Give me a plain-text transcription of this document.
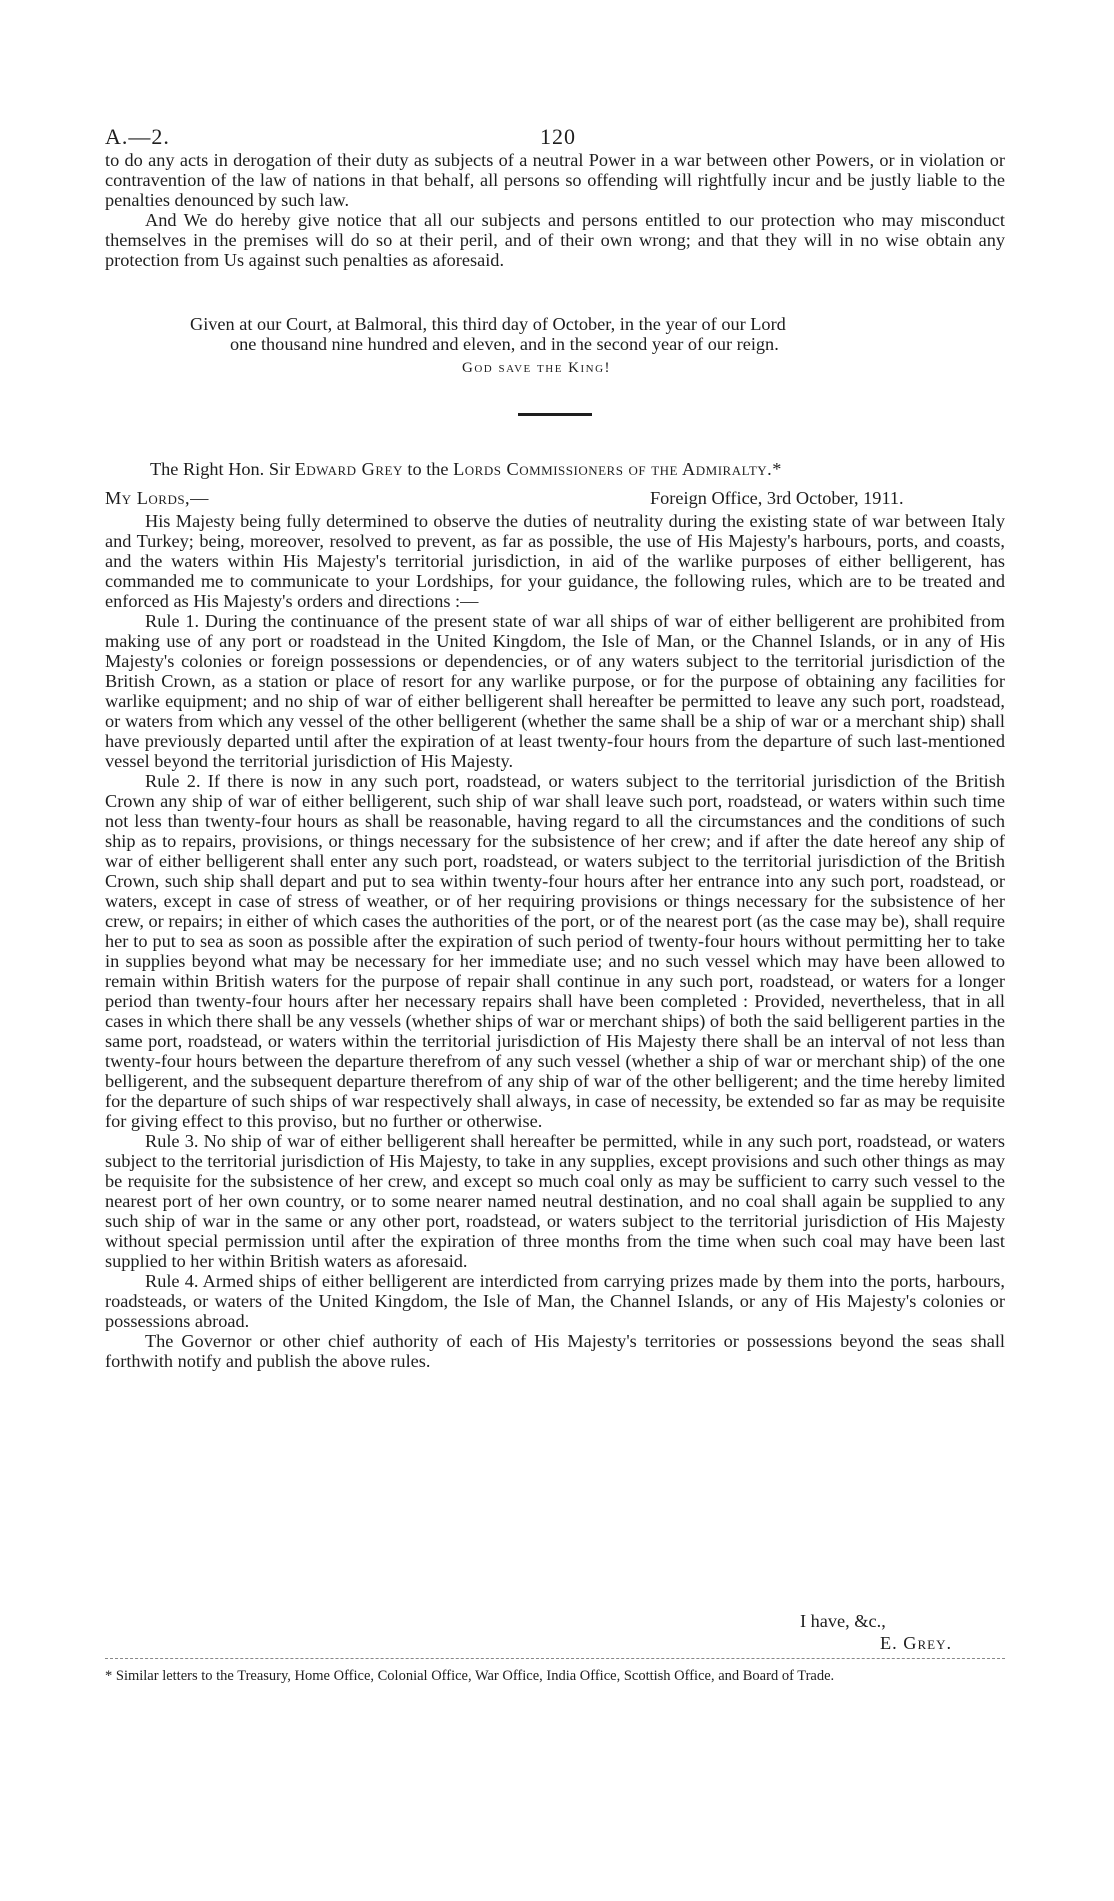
A.—2.	120

to do any acts in derogation of their duty as subjects of a neutral Power in a war between other Powers, or in violation or contravention of the law of nations in that behalf, all persons so offending will rightfully incur and be justly liable to the penalties denounced by such law.

And We do hereby give notice that all our subjects and persons entitled to our protection who may misconduct themselves in the premises will do so at their peril, and of their own wrong; and that they will in no wise obtain any protection from Us against such penalties as aforesaid.

Given at our Court, at Balmoral, this third day of October, in the year of our Lord
one thousand nine hundred and eleven, and in the second year of our reign.
God save the King!
The Right Hon. Sir Edward Grey to the Lords Commissioners of the Admiralty.*
My Lords,—	Foreign Office, 3rd October, 1911.

His Majesty being fully determined to observe the duties of neutrality during the existing state of war between Italy and Turkey; being, moreover, resolved to prevent, as far as possible, the use of His Majesty's harbours, ports, and coasts, and the waters within His Majesty's territorial jurisdiction, in aid of the warlike purposes of either belligerent, has commanded me to communicate to your Lordships, for your guidance, the following rules, which are to be treated and enforced as His Majesty's orders and directions :—

Rule 1. During the continuance of the present state of war all ships of war of either belligerent are prohibited from making use of any port or roadstead in the United Kingdom, the Isle of Man, or the Channel Islands, or in any of His Majesty's colonies or foreign possessions or dependencies, or of any waters subject to the territorial jurisdiction of the British Crown, as a station or place of resort for any warlike purpose, or for the purpose of obtaining any facilities for warlike equipment; and no ship of war of either belligerent shall hereafter be permitted to leave any such port, roadstead, or waters from which any vessel of the other belligerent (whether the same shall be a ship of war or a merchant ship) shall have previously departed until after the expiration of at least twenty-four hours from the departure of such last-mentioned vessel beyond the territorial jurisdiction of His Majesty.

Rule 2. If there is now in any such port, roadstead, or waters subject to the territorial jurisdiction of the British Crown any ship of war of either belligerent, such ship of war shall leave such port, roadstead, or waters within such time not less than twenty-four hours as shall be reasonable, having regard to all the circumstances and the conditions of such ship as to repairs, provisions, or things necessary for the subsistence of her crew; and if after the date hereof any ship of war of either belligerent shall enter any such port, roadstead, or waters subject to the territorial jurisdiction of the British Crown, such ship shall depart and put to sea within twenty-four hours after her entrance into any such port, roadstead, or waters, except in case of stress of weather, or of her requiring provisions or things necessary for the subsistence of her crew, or repairs; in either of which cases the authorities of the port, or of the nearest port (as the case may be), shall require her to put to sea as soon as possible after the expiration of such period of twenty-four hours without permitting her to take in supplies beyond what may be necessary for her immediate use; and no such vessel which may have been allowed to remain within British waters for the purpose of repair shall continue in any such port, roadstead, or waters for a longer period than twenty-four hours after her necessary repairs shall have been completed : Provided, nevertheless, that in all cases in which there shall be any vessels (whether ships of war or merchant ships) of both the said belligerent parties in the same port, roadstead, or waters within the territorial jurisdiction of His Majesty there shall be an interval of not less than twenty-four hours between the departure therefrom of any such vessel (whether a ship of war or merchant ship) of the one belligerent, and the subsequent departure therefrom of any ship of war of the other belligerent; and the time hereby limited for the departure of such ships of war respectively shall always, in case of necessity, be extended so far as may be requisite for giving effect to this proviso, but no further or otherwise.

Rule 3. No ship of war of either belligerent shall hereafter be permitted, while in any such port, roadstead, or waters subject to the territorial jurisdiction of His Majesty, to take in any supplies, except provisions and such other things as may be requisite for the subsistence of her crew, and except so much coal only as may be sufficient to carry such vessel to the nearest port of her own country, or to some nearer named neutral destination, and no coal shall again be supplied to any such ship of war in the same or any other port, roadstead, or waters subject to the territorial jurisdiction of His Majesty without special permission until after the expiration of three months from the time when such coal may have been last supplied to her within British waters as aforesaid.

Rule 4. Armed ships of either belligerent are interdicted from carrying prizes made by them into the ports, harbours, roadsteads, or waters of the United Kingdom, the Isle of Man, the Channel Islands, or any of His Majesty's colonies or possessions abroad.

The Governor or other chief authority of each of His Majesty's territories or possessions beyond the seas shall forthwith notify and publish the above rules.

I have, &c.,
E. Grey.
* Similar letters to the Treasury, Home Office, Colonial Office, War Office, India Office, Scottish Office, and Board of Trade.
